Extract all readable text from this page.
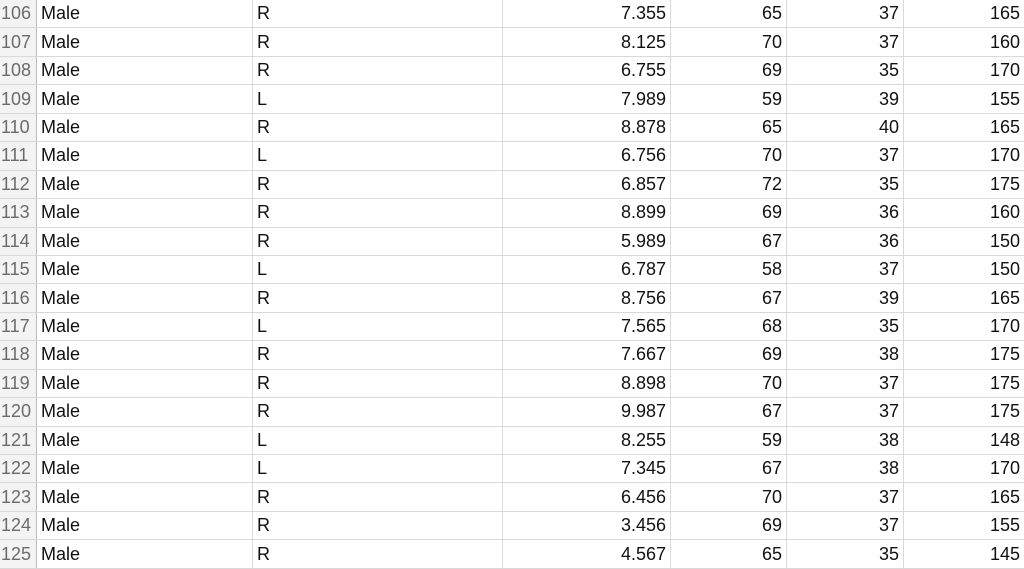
106 Male	R	7.355	65	37	165
107 Male	R	8.125	70	37	160
108 Male	R	6.755	69	35	170
109 Male	L	7.989	59	39	155
110 Male	R	8.878	65	40	165
111 Male	L	6.756	70	37	170
112 Male	R	6.857	72	35	175
113 Male	R	8.899	69	36	160
114 Male	R	5.989	67	36	150
115 Male	L	6.787	58	37	150
116 Male	R	8.756	67	39	165
117 Male	L	7.565	68	35	170
118 Male	R	7.667	69	38	175
119 Male	R	8.898	70	37	175
120 Male	R	9.987	67	37	175
121 Male	L	8.255	59	38	148
122 Male	L	7.345	67	38	170
123 Male	R	6.456	70	37	165
124 Male	R	3.456	69	37	155
125 Male	R	4.567	65	35	145
